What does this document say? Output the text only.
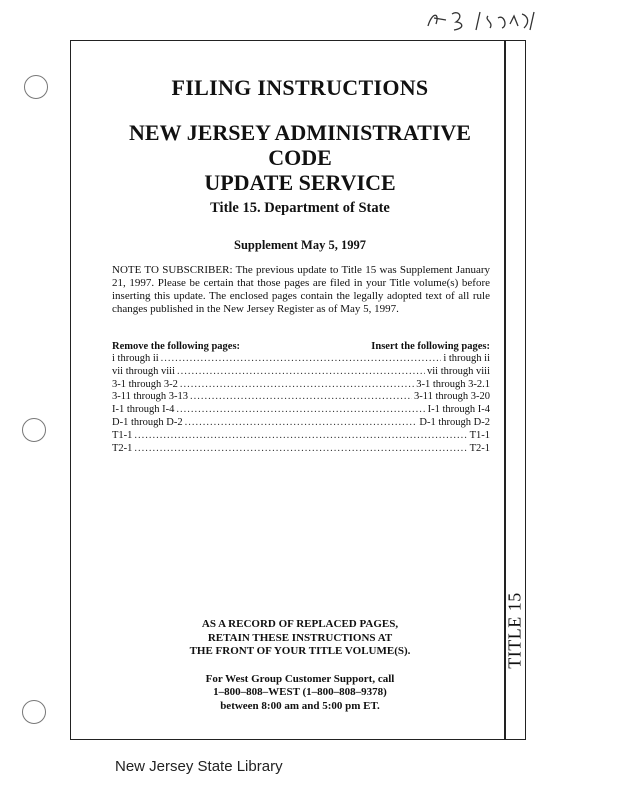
TITLE 15
FILING INSTRUCTIONS
NEW JERSEY ADMINISTRATIVE CODE
UPDATE SERVICE
Title 15. Department of State
Supplement May 5, 1997
NOTE TO SUBSCRIBER: The previous update to Title 15 was Supplement January 21, 1997. Please be certain that those pages are filed in your Title volume(s) before inserting this update. The enclosed pages contain the legally adopted text of all rule changes published in the New Jersey Register as of May 5, 1997.
Remove the following pages:	Insert the following pages:
i through ii .....	i through ii
vii through viii .....	vii through viii
3-1 through 3-2 .....	3-1 through 3-2.1
3-11 through 3-13 .....	3-11 through 3-20
I-1 through I-4 .....	I-1 through I-4
D-1 through D-2 .....	D-1 through D-2
T1-1 .....	T1-1
T2-1 .....	T2-1
AS A RECORD OF REPLACED PAGES,
RETAIN THESE INSTRUCTIONS AT
THE FRONT OF YOUR TITLE VOLUME(S).
For West Group Customer Support, call
1–800–808–WEST (1–800–808–9378)
between 8:00 am and 5:00 pm ET.
New Jersey State Library
